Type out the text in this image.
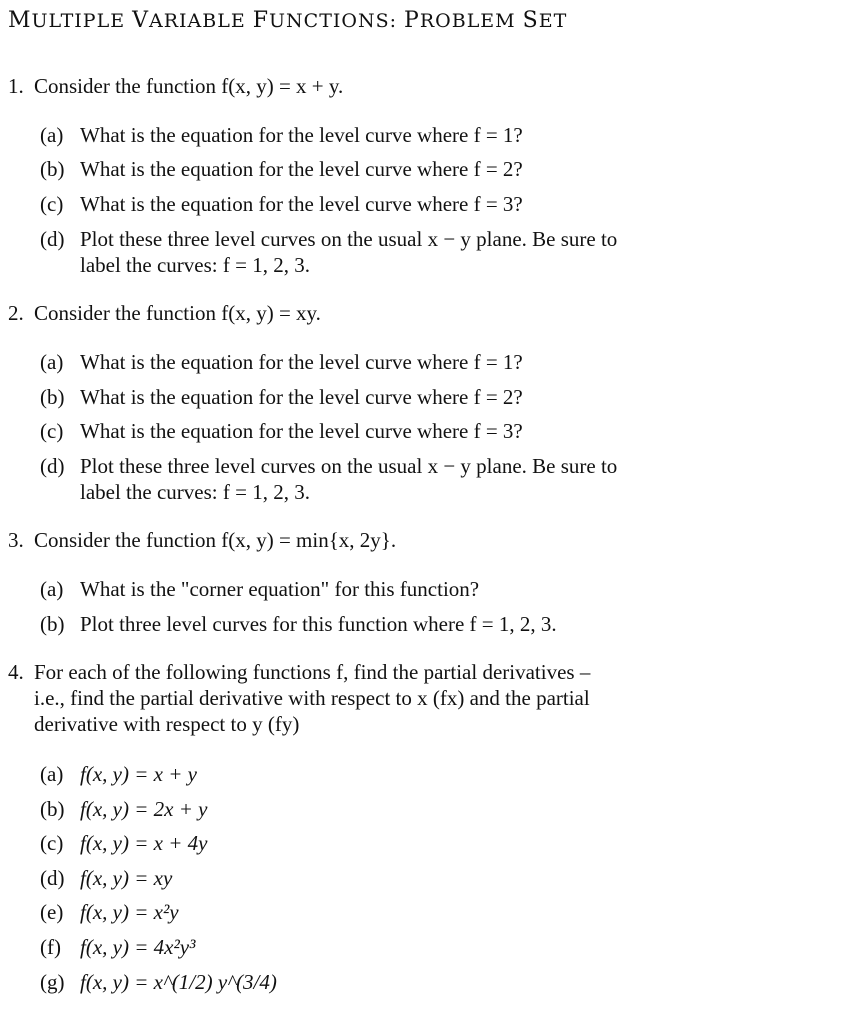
MULTIPLE VARIABLE FUNCTIONS: PROBLEM SET
1. Consider the function f(x, y) = x + y.
(a) What is the equation for the level curve where f = 1?
(b) What is the equation for the level curve where f = 2?
(c) What is the equation for the level curve where f = 3?
(d) Plot these three level curves on the usual x − y plane. Be sure to
label the curves: f = 1, 2, 3.
2. Consider the function f(x, y) = xy.
(a) What is the equation for the level curve where f = 1?
(b) What is the equation for the level curve where f = 2?
(c) What is the equation for the level curve where f = 3?
(d) Plot these three level curves on the usual x − y plane. Be sure to
label the curves: f = 1, 2, 3.
3. Consider the function f(x, y) = min{x, 2y}.
(a) What is the "corner equation" for this function?
(b) Plot three level curves for this function where f = 1, 2, 3.
4. For each of the following functions f, find the partial derivatives –
i.e., find the partial derivative with respect to x (fx) and the partial
derivative with respect to y (fy)
(a) f(x, y) = x + y
(b) f(x, y) = 2x + y
(c) f(x, y) = x + 4y
(d) f(x, y) = xy
(e) f(x, y) = x²y
(f) f(x, y) = 4x²y³
(g) f(x, y) = x^(1/2) y^(3/4)
